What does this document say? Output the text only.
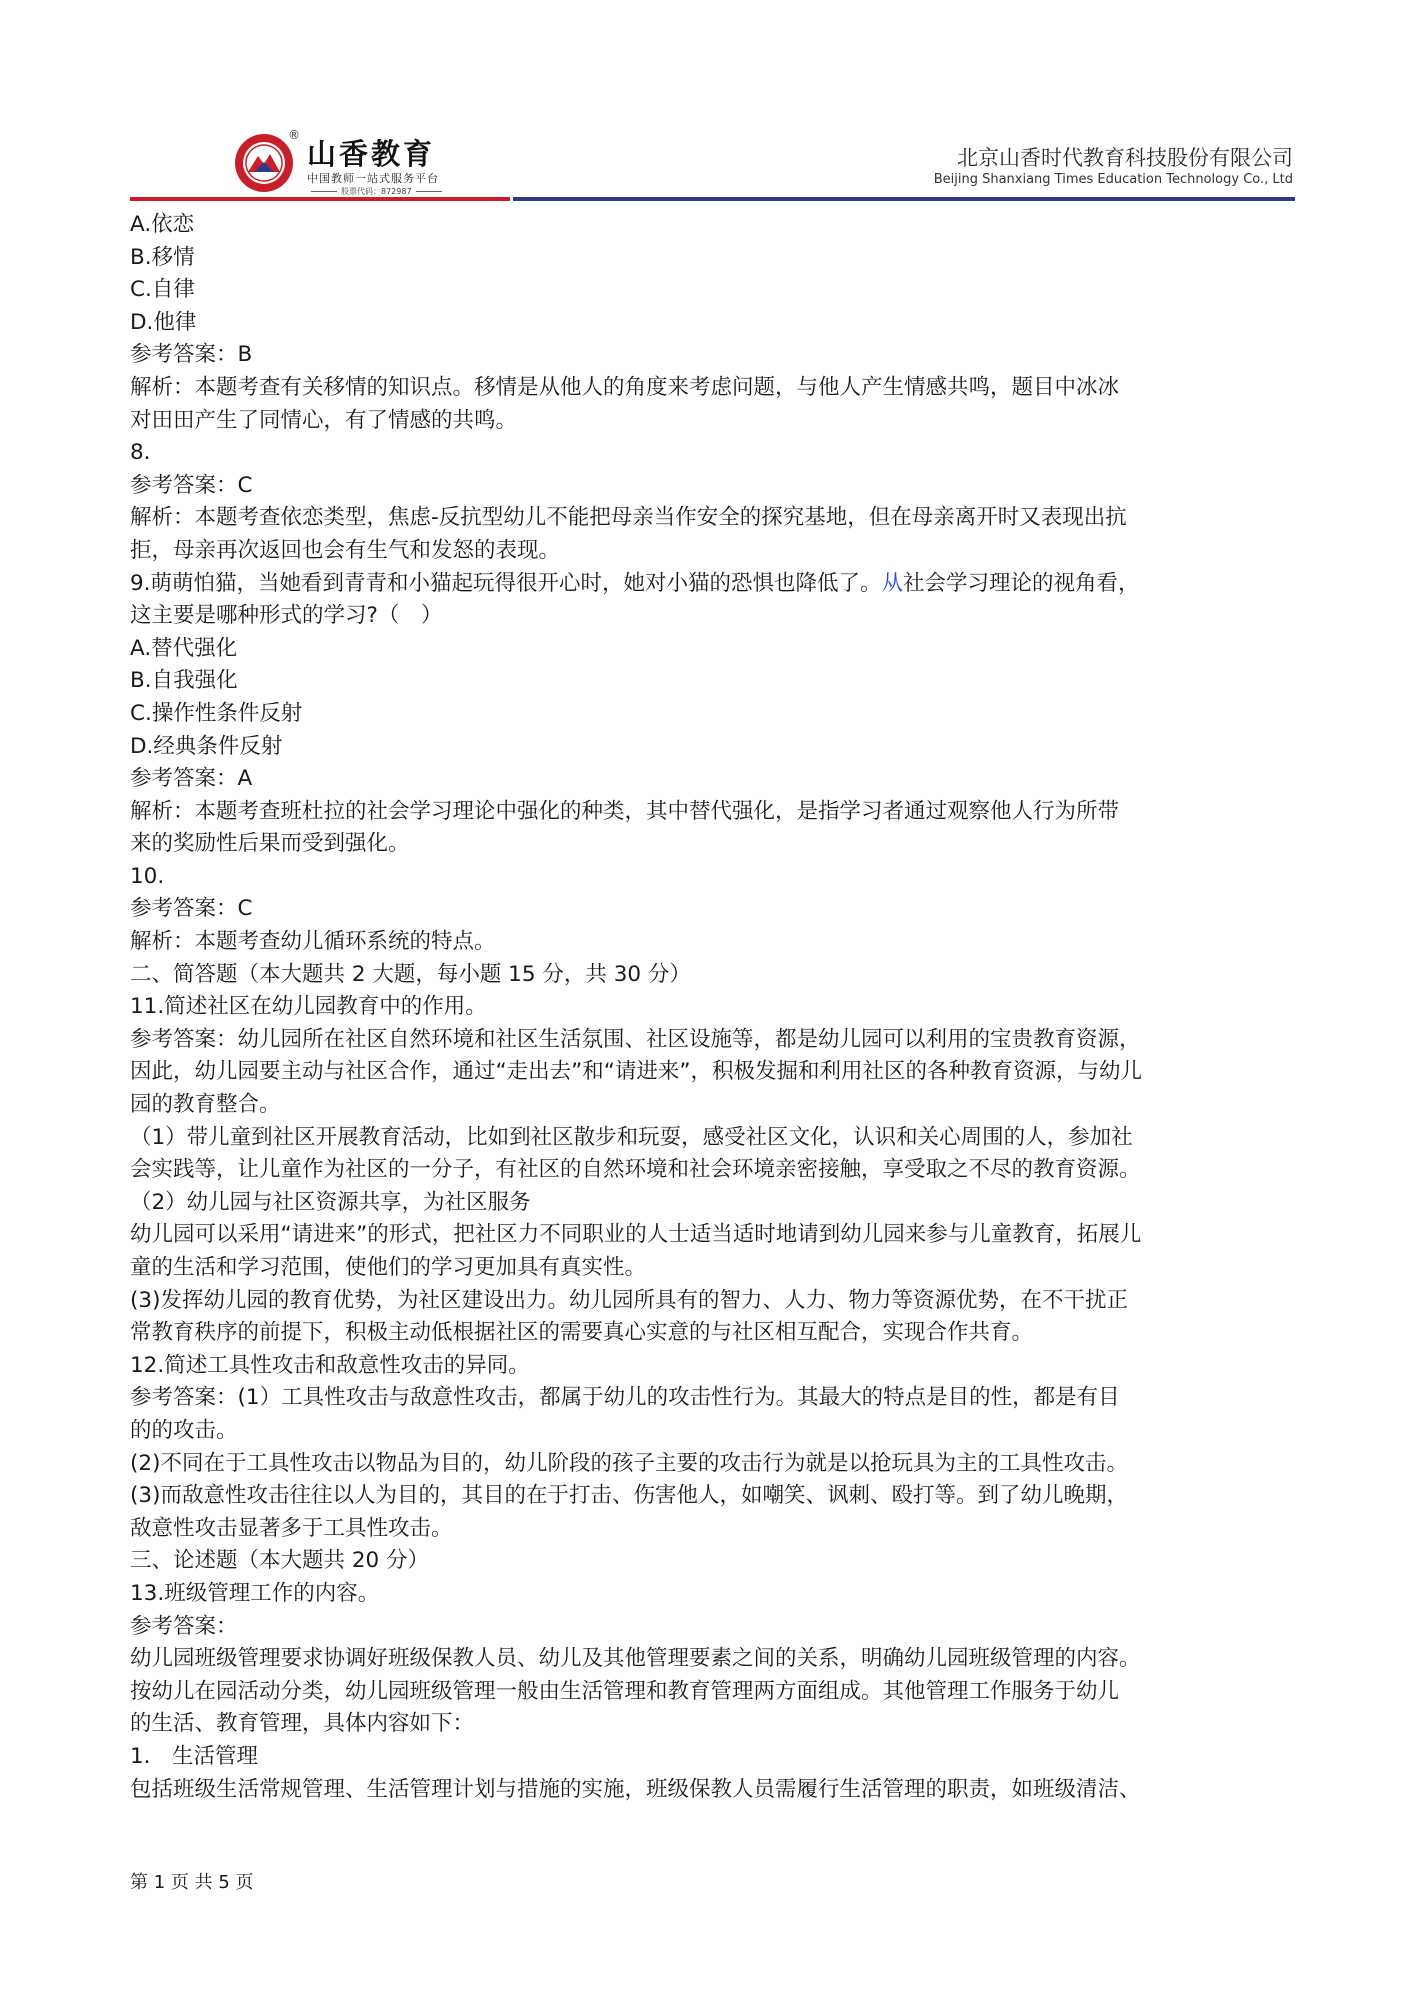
®
山香教育
中国教师一站式服务平台
股票代码：872987
北京山香时代教育科技股份有限公司
Beijing Shanxiang Times Education Technology Co., Ltd
A.依恋
B.移情
C.自律
D.他律
参考答案：B
解析：本题考查有关移情的知识点。移情是从他人的角度来考虑问题，与他人产生情感共鸣，题目中冰冰
对田田产生了同情心，有了情感的共鸣。
8.
参考答案：C
解析：本题考查依恋类型，焦虑-反抗型幼儿不能把母亲当作安全的探究基地，但在母亲离开时又表现出抗
拒，母亲再次返回也会有生气和发怒的表现。
9.萌萌怕猫，当她看到青青和小猫起玩得很开心时，她对小猫的恐惧也降低了。从社会学习理论的视角看，
这主要是哪种形式的学习?（　）
A.替代强化
B.自我强化
C.操作性条件反射
D.经典条件反射
参考答案：A
解析：本题考查班杜拉的社会学习理论中强化的种类，其中替代强化，是指学习者通过观察他人行为所带
来的奖励性后果而受到强化。
10.
参考答案：C
解析：本题考查幼儿循环系统的特点。
二、简答题（本大题共 2 大题，每小题 15 分，共 30 分）
11.简述社区在幼儿园教育中的作用。
参考答案：幼儿园所在社区自然环境和社区生活氛围、社区设施等，都是幼儿园可以利用的宝贵教育资源，
因此，幼儿园要主动与社区合作，通过“走出去”和“请进来”，积极发掘和利用社区的各种教育资源，与幼儿
园的教育整合。
（1）带儿童到社区开展教育活动，比如到社区散步和玩耍，感受社区文化，认识和关心周围的人，参加社
会实践等，让儿童作为社区的一分子，有社区的自然环境和社会环境亲密接触，享受取之不尽的教育资源。
（2）幼儿园与社区资源共享，为社区服务
幼儿园可以采用“请进来”的形式，把社区力不同职业的人士适当适时地请到幼儿园来参与儿童教育，拓展儿
童的生活和学习范围，使他们的学习更加具有真实性。
(3)发挥幼儿园的教育优势，为社区建设出力。幼儿园所具有的智力、人力、物力等资源优势，在不干扰正
常教育秩序的前提下，积极主动低根据社区的需要真心实意的与社区相互配合，实现合作共育。
12.简述工具性攻击和敌意性攻击的异同。
参考答案：(1）工具性攻击与敌意性攻击，都属于幼儿的攻击性行为。其最大的特点是目的性，都是有目
的的攻击。
(2)不同在于工具性攻击以物品为目的，幼儿阶段的孩子主要的攻击行为就是以抢玩具为主的工具性攻击。
(3)而敌意性攻击往往以人为目的，其目的在于打击、伤害他人，如嘲笑、讽刺、殴打等。到了幼儿晚期，
敌意性攻击显著多于工具性攻击。
三、论述题（本大题共 20 分）
13.班级管理工作的内容。
参考答案：
幼儿园班级管理要求协调好班级保教人员、幼儿及其他管理要素之间的关系，明确幼儿园班级管理的内容。
按幼儿在园活动分类，幼儿园班级管理一般由生活管理和教育管理两方面组成。其他管理工作服务于幼儿
的生活、教育管理，具体内容如下：
1.　生活管理
包括班级生活常规管理、生活管理计划与措施的实施，班级保教人员需履行生活管理的职责，如班级清洁、
第 1 页 共 5 页
